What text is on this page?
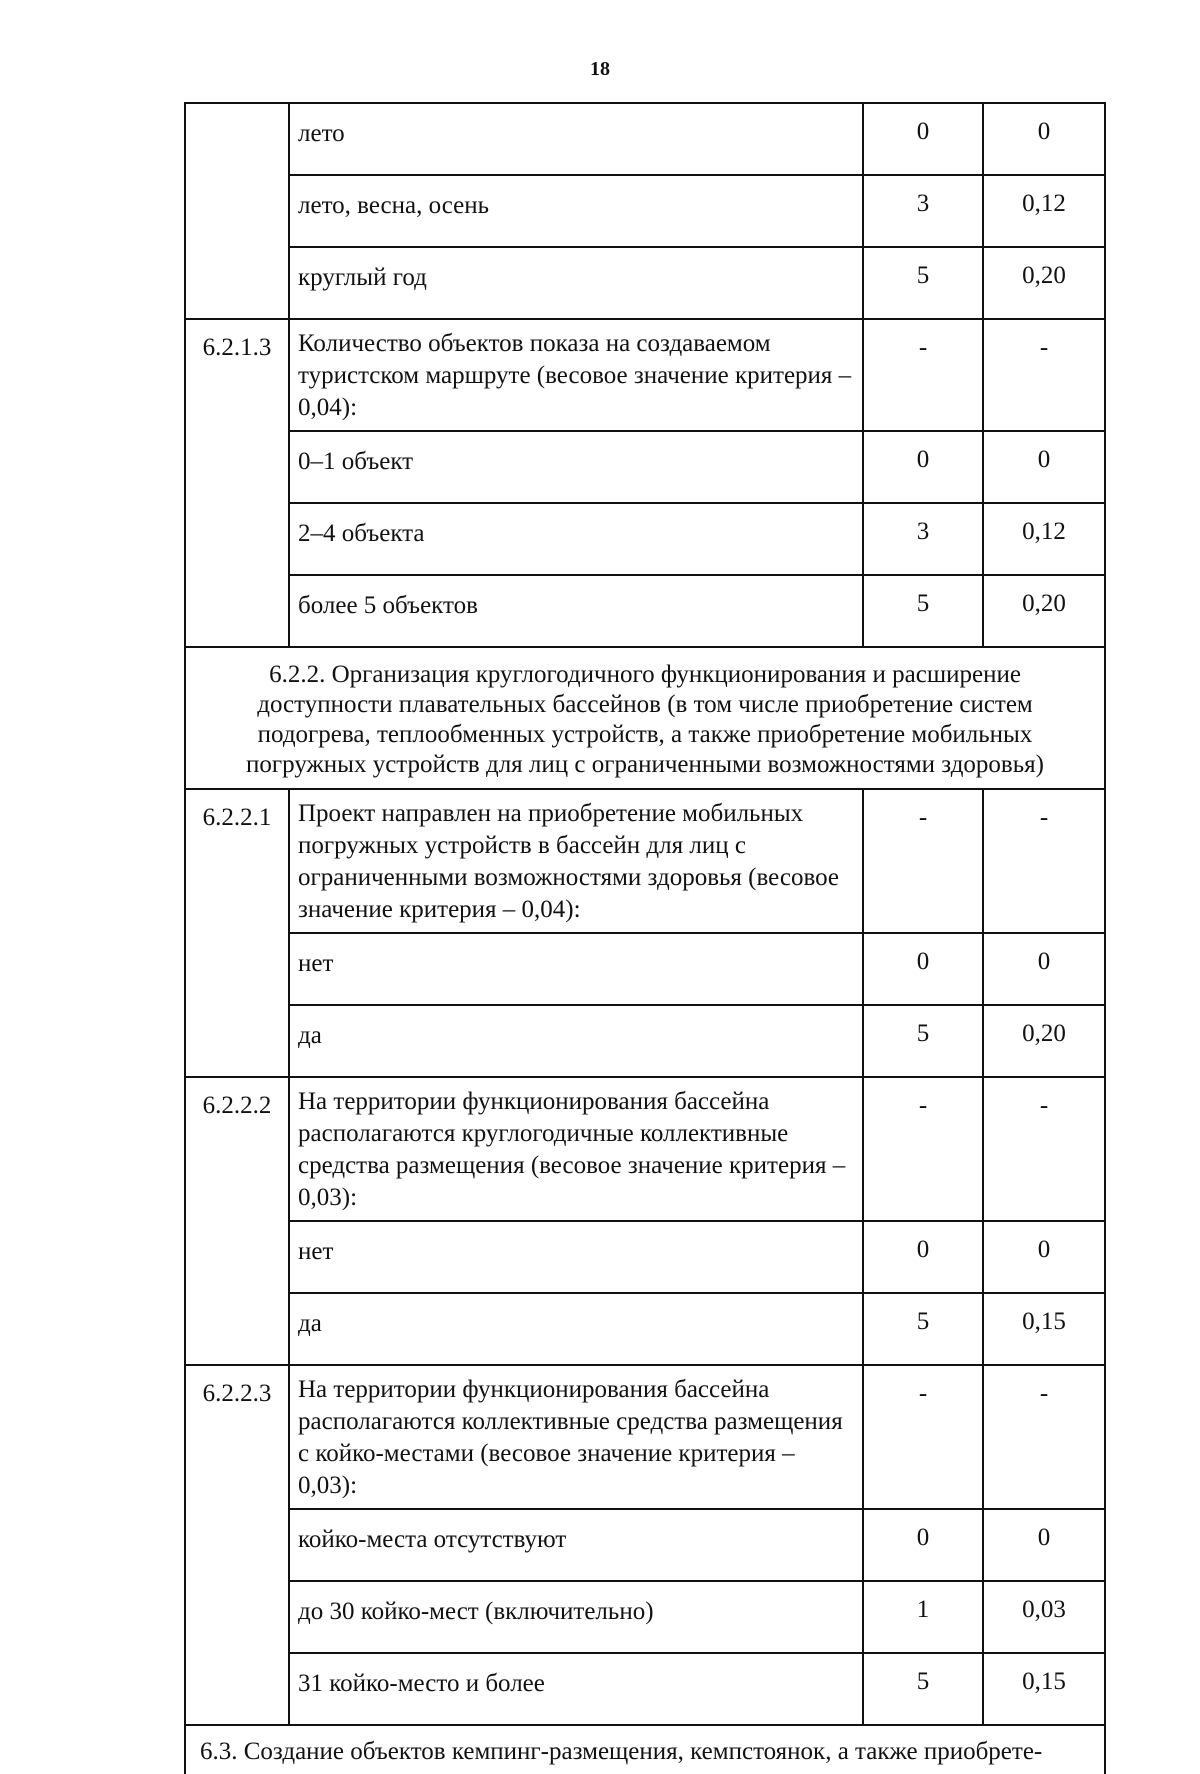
18
	лето	0	0
	лето, весна, осень	3	0,12
	круглый год	5	0,20
6.2.1.3	Количество объектов показа на создаваемом туристском маршруте (весовое значение критерия – 0,04):	-	-
	0–1 объект	0	0
	2–4 объекта	3	0,12
	более 5 объектов	5	0,20
6.2.2. Организация круглогодичного функционирования и расширение доступности плавательных бассейнов (в том числе приобретение систем подогрева, теплообменных устройств, а также приобретение мобильных погружных устройств для лиц с ограниченными возможностями здоровья)			
6.2.2.1	Проект направлен на приобретение мобильных погружных устройств в бассейн для лиц с ограниченными возможностями здоровья (весовое значение критерия – 0,04):	-	-
	нет	0	0
	да	5	0,20
6.2.2.2	На территории функционирования бассейна располагаются круглогодичные коллективные средства размещения (весовое значение критерия – 0,03):	-	-
	нет	0	0
	да	5	0,15
6.2.2.3	На территории функционирования бассейна располагаются коллективные средства размещения с койко-местами (весовое значение критерия – 0,03):	-	-
	койко-места отсутствуют	0	0
	до 30 койко-мест (включительно)	1	0,03
	31 койко-место и более	5	0,15
6.3. Создание объектов кемпинг-размещения, кемпстоянок, а также приобрете-			
